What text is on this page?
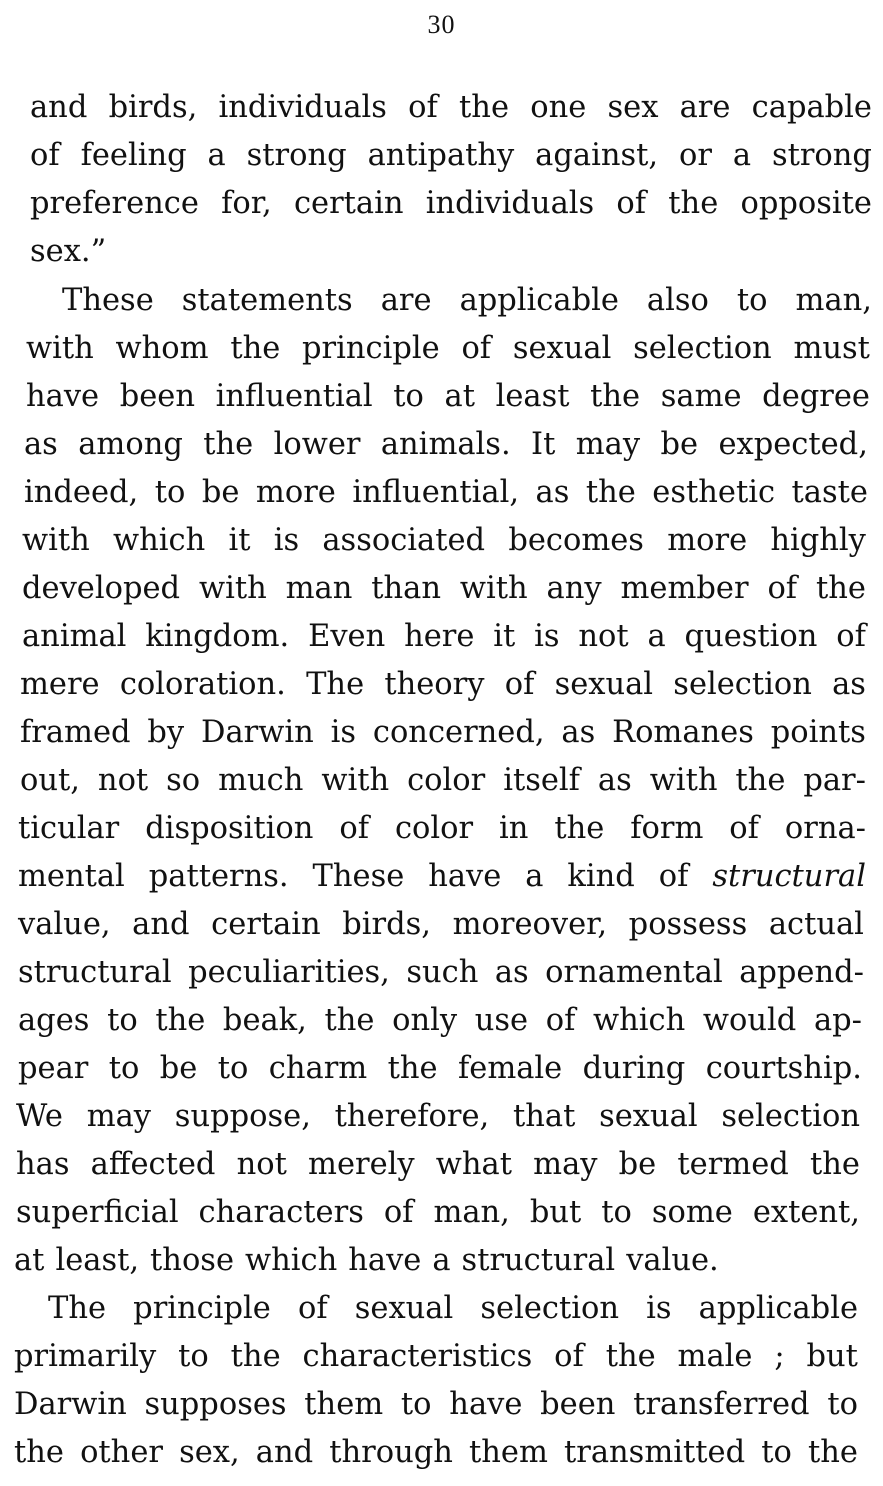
30
and birds, individuals of the one sex are capable
of feeling a strong antipathy against, or a strong
preference for, certain individuals of the opposite
sex.”
These statements are applicable also to man,
with whom the principle of sexual selection must
have been influential to at least the same degree
as among the lower animals. It may be expected,
indeed, to be more influential, as the esthetic taste
with which it is associated becomes more highly
developed with man than with any member of the
animal kingdom. Even here it is not a question of
mere coloration. The theory of sexual selection as
framed by Darwin is concerned, as Romanes points
out, not so much with color itself as with the par-
ticular disposition of color in the form of orna-
mental patterns. These have a kind of structural
value, and certain birds, moreover, possess actual
structural peculiarities, such as ornamental append-
ages to the beak, the only use of which would ap-
pear to be to charm the female during courtship.
We may suppose, therefore, that sexual selection
has affected not merely what may be termed the
superficial characters of man, but to some extent,
at least, those which have a structural value.
The principle of sexual selection is applicable
primarily to the characteristics of the male ; but
Darwin supposes them to have been transferred to
the other sex, and through them transmitted to the
